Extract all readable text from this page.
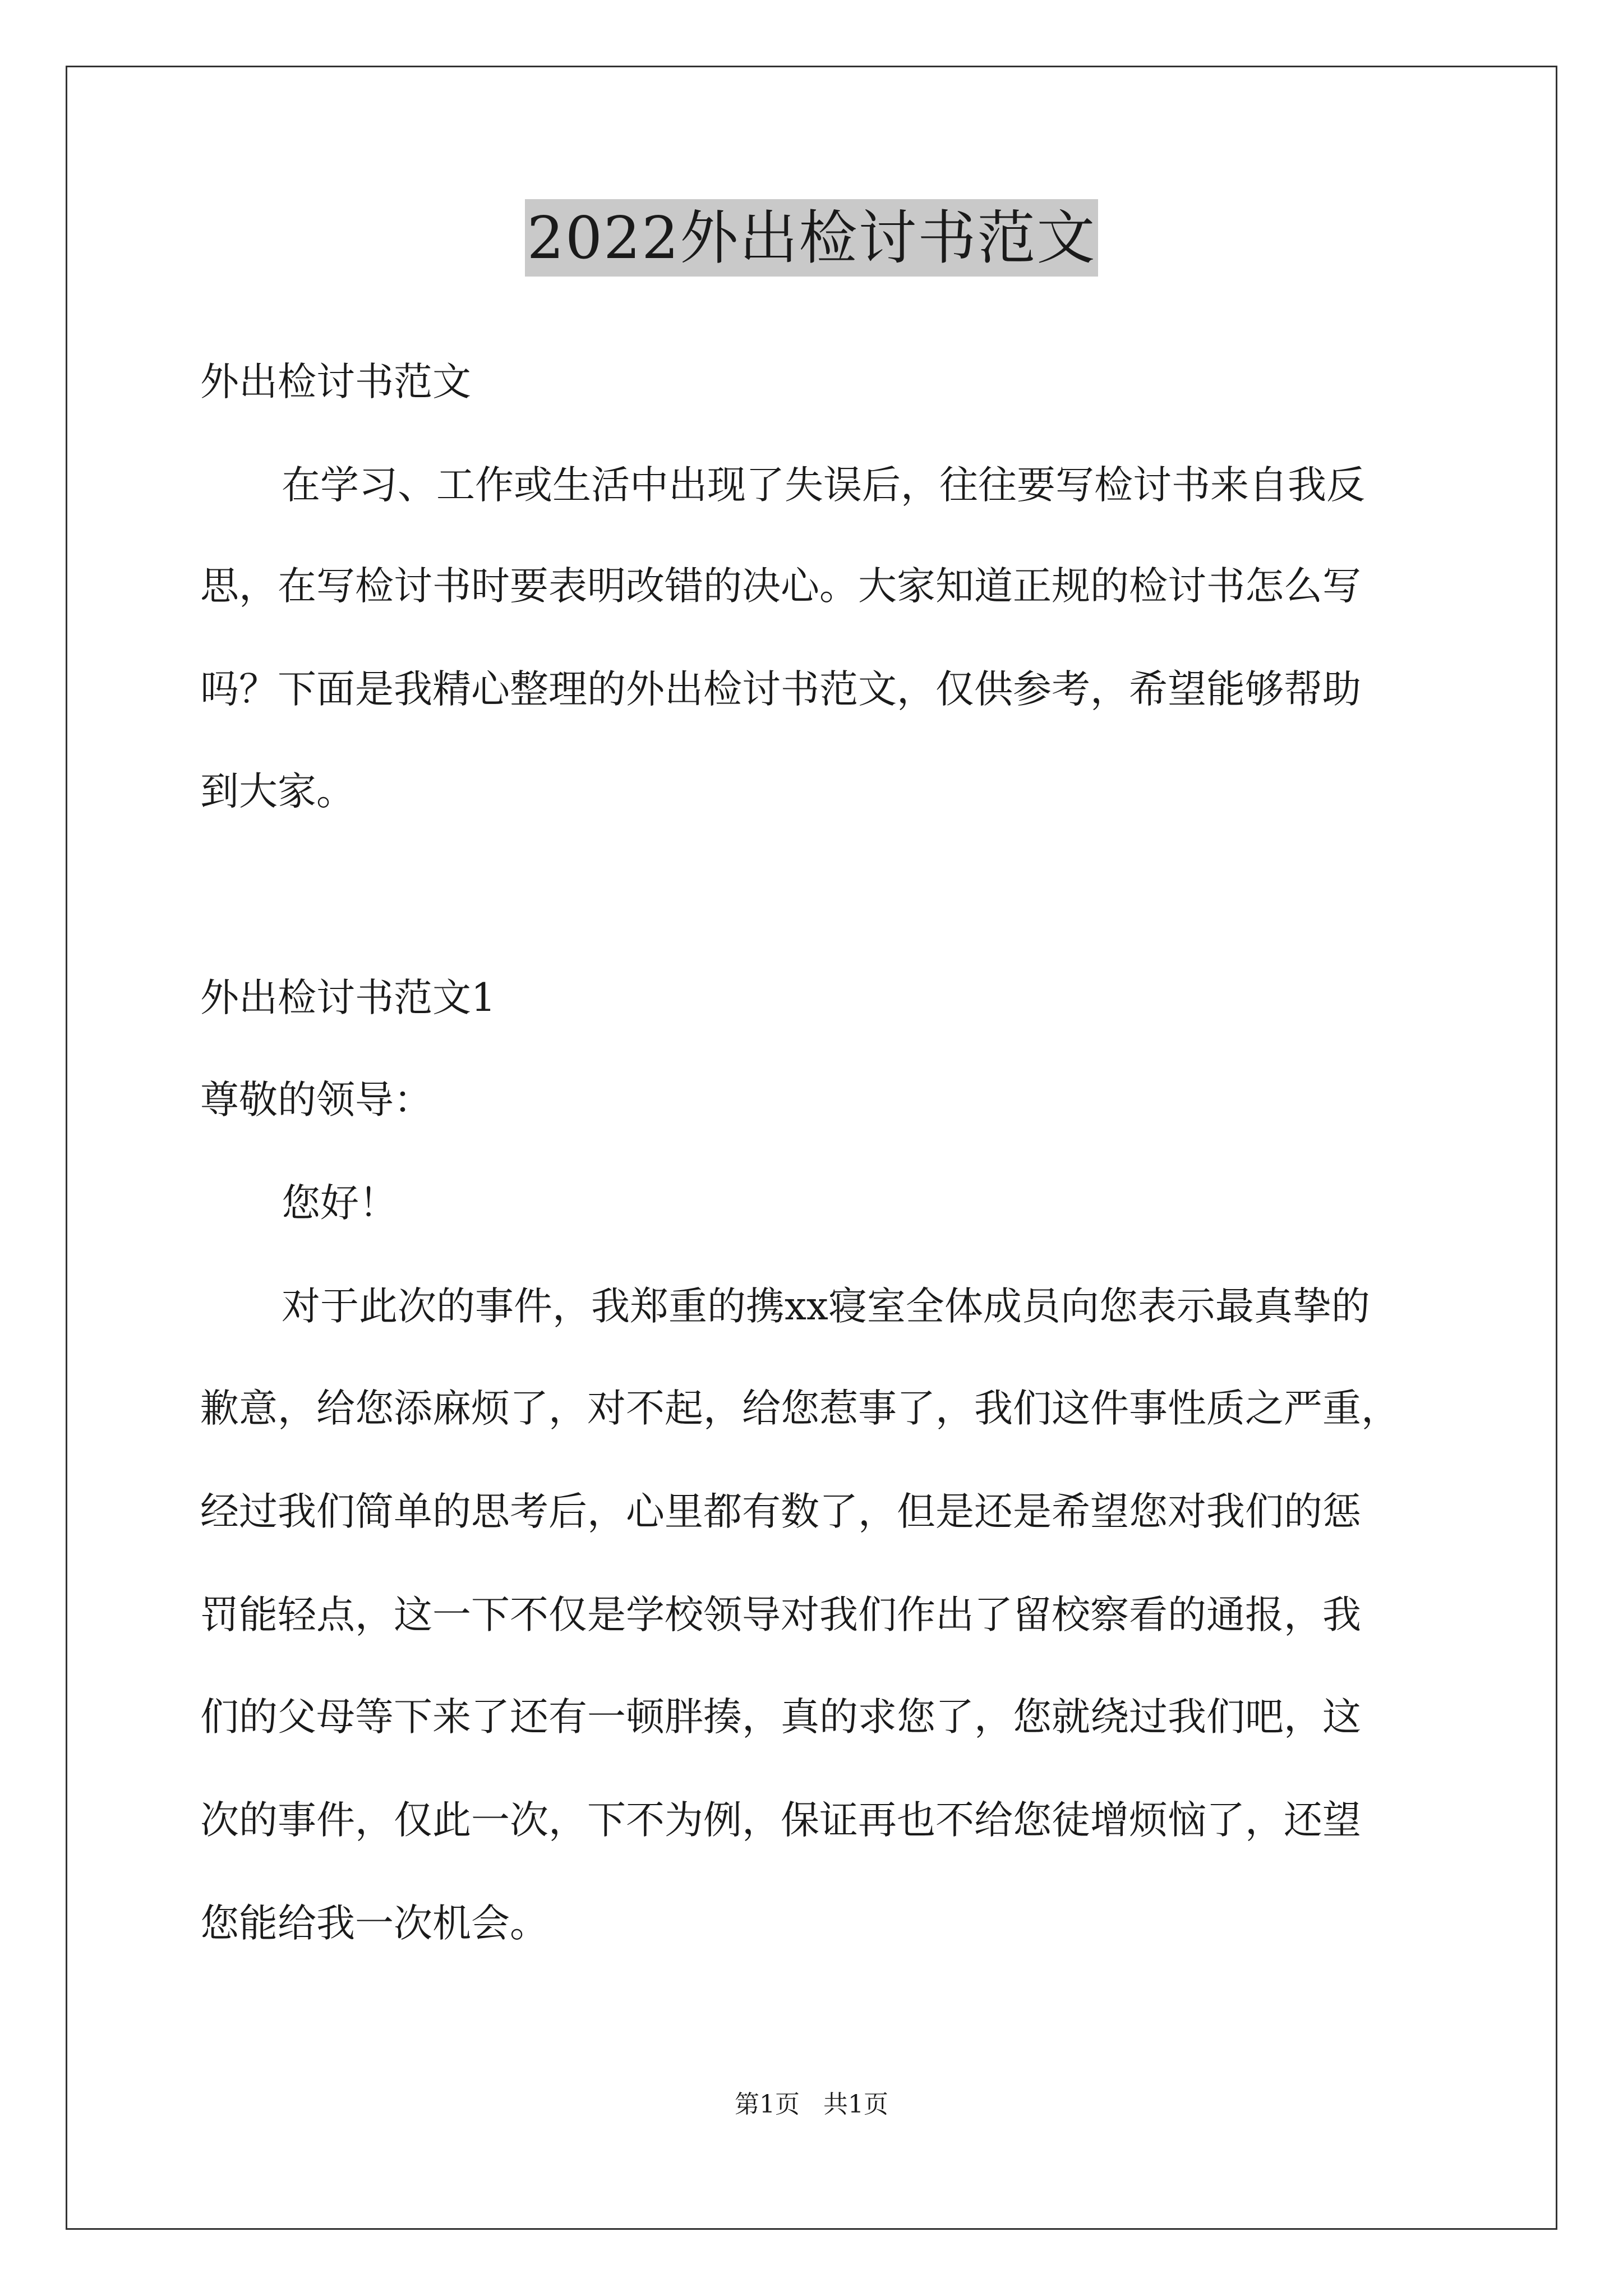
2022外出检讨书范文

外出检讨书范文

在学习、工作或生活中出现了失误后，往往要写检讨书来自我反

思，在写检讨书时要表明改错的决心。大家知道正规的检讨书怎么写

吗？下面是我精心整理的外出检讨书范文，仅供参考，希望能够帮助

到大家。

外出检讨书范文1

尊敬的领导：

您好！

对于此次的事件，我郑重的携xx寝室全体成员向您表示最真挚的

歉意，给您添麻烦了，对不起，给您惹事了，我们这件事性质之严重，

经过我们简单的思考后，心里都有数了，但是还是希望您对我们的惩

罚能轻点，这一下不仅是学校领导对我们作出了留校察看的通报，我

们的父母等下来了还有一顿胖揍，真的求您了，您就绕过我们吧，这

次的事件，仅此一次，下不为例，保证再也不给您徒增烦恼了，还望

您能给我一次机会。

第1页   共1页
